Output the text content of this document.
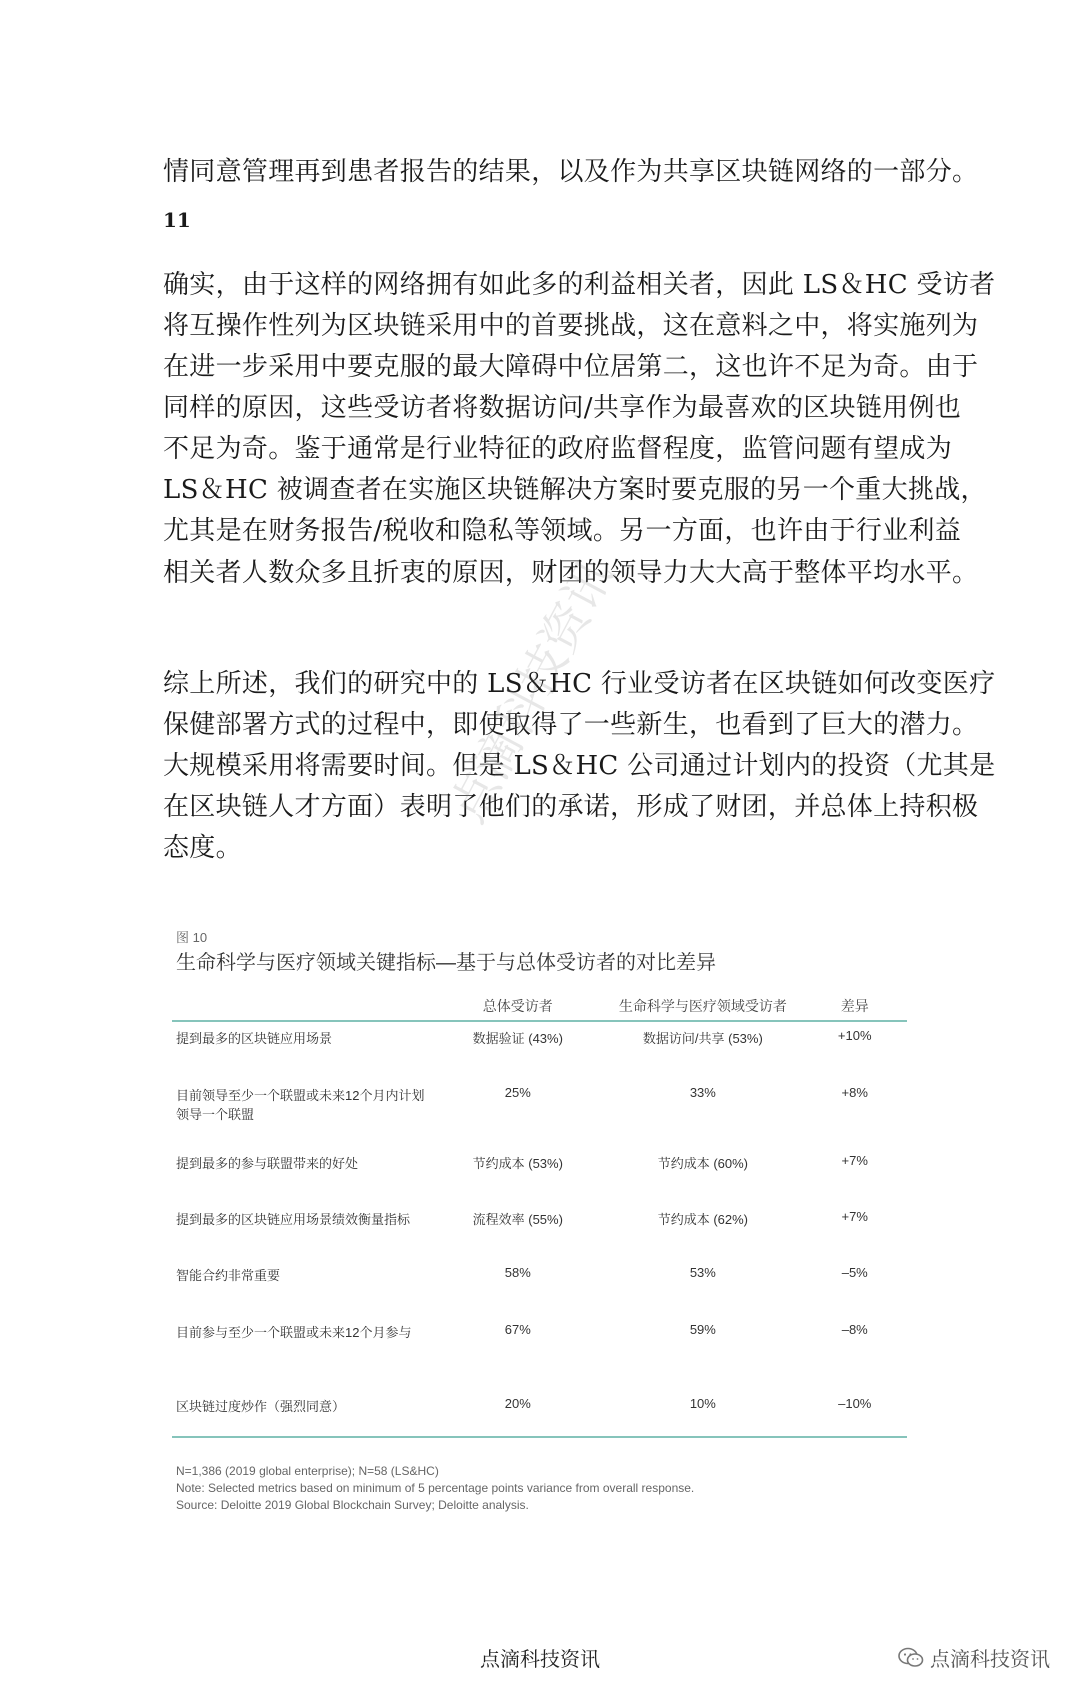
情同意管理再到患者报告的结果，以及作为共享区块链网络的一部分。

11

确实，由于这样的网络拥有如此多的利益相关者，因此 LS＆HC 受访者
将互操作性列为区块链采用中的首要挑战，这在意料之中，将实施列为
在进一步采用中要克服的最大障碍中位居第二，这也许不足为奇。由于
同样的原因，这些受访者将数据访问/共享作为最喜欢的区块链用例也
不足为奇。鉴于通常是行业特征的政府监督程度，监管问题有望成为
LS＆HC 被调查者在实施区块链解决方案时要克服的另一个重大挑战，
尤其是在财务报告/税收和隐私等领域。另一方面，也许由于行业利益
相关者人数众多且折衷的原因，财团的领导力大大高于整体平均水平。

综上所述，我们的研究中的 LS＆HC 行业受访者在区块链如何改变医疗
保健部署方式的过程中，即使取得了一些新生，也看到了巨大的潜力。
大规模采用将需要时间。但是 LS＆HC 公司通过计划内的投资（尤其是
在区块链人才方面）表明了他们的承诺，形成了财团，并总体上持积极
态度。

点滴科技资讯
图 10
生命科学与医疗领域关键指标—基于与总体受访者的对比差异
	总体受访者	生命科学与医疗领域受访者	差异
提到最多的区块链应用场景	数据验证 (43%)	数据访问/共享 (53%)	+10%
目前领导至少一个联盟或未来12个月内计划领导一个联盟	25%	33%	+8%
提到最多的参与联盟带来的好处	节约成本 (53%)	节约成本 (60%)	+7%
提到最多的区块链应用场景绩效衡量指标	流程效率 (55%)	节约成本 (62%)	+7%
智能合约非常重要	58%	53%	–5%
目前参与至少一个联盟或未来12个月参与	67%	59%	–8%
区块链过度炒作（强烈同意）	20%	10%	–10%
N=1,386 (2019 global enterprise); N=58 (LS&HC)
Note: Selected metrics based on minimum of 5 percentage points variance from overall response.
Source: Deloitte 2019 Global Blockchain Survey; Deloitte analysis.
点滴科技资讯	点滴科技资讯
